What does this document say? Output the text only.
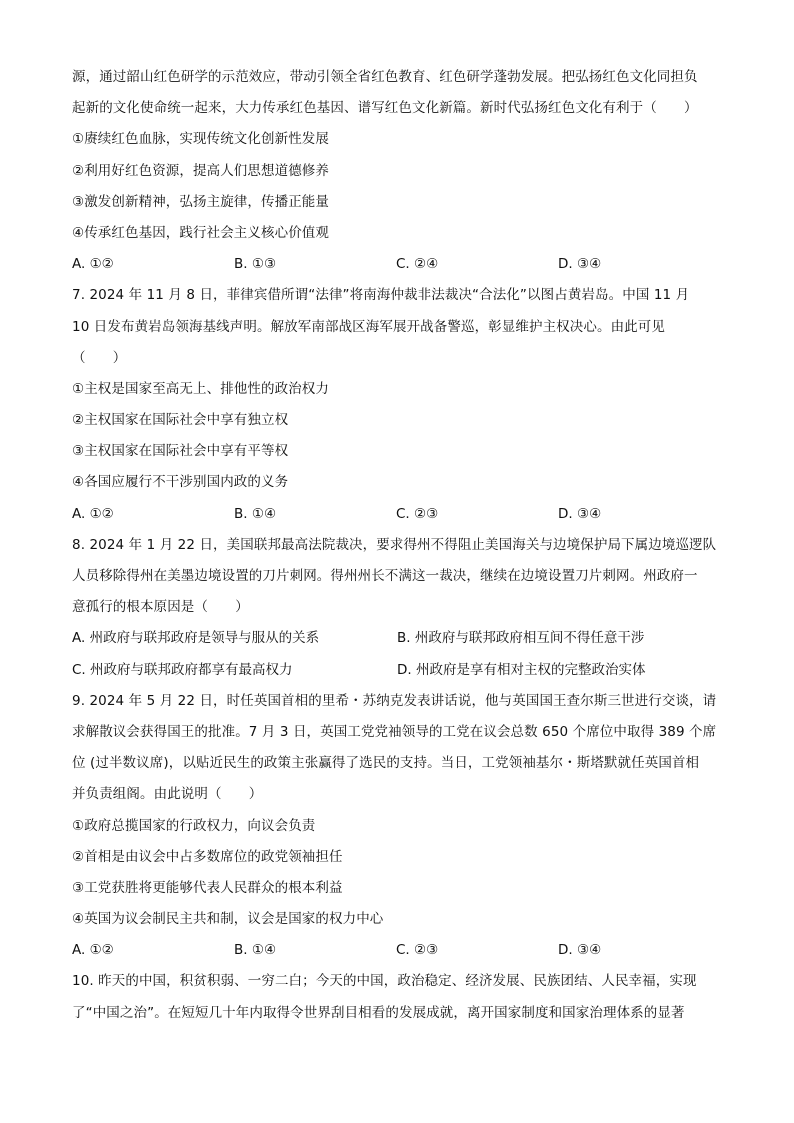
源，通过韶山红色研学的示范效应，带动引领全省红色教育、红色研学蓬勃发展。把弘扬红色文化同担负
起新的文化使命统一起来，大力传承红色基因、谱写红色文化新篇。新时代弘扬红色文化有利于（　　）
①赓续红色血脉，实现传统文化创新性发展
②利用好红色资源，提高人们思想道德修养
③激发创新精神，弘扬主旋律，传播正能量
④传承红色基因，践行社会主义核心价值观
A. ①②	B. ①③	C. ②④	D. ③④
7. 2024 年 11 月 8 日，菲律宾借所谓“法律”将南海仲裁非法裁决“合法化”以图占黄岩岛。中国 11 月
10 日发布黄岩岛领海基线声明。解放军南部战区海军展开战备警巡，彰显维护主权决心。由此可见
（　　）
①主权是国家至高无上、排他性的政治权力
②主权国家在国际社会中享有独立权
③主权国家在国际社会中享有平等权
④各国应履行不干涉别国内政的义务
A. ①②	B. ①④	C. ②③	D. ③④
8. 2024 年 1 月 22 日，美国联邦最高法院裁决，要求得州不得阻止美国海关与边境保护局下属边境巡逻队
人员移除得州在美墨边境设置的刀片刺网。得州州长不满这一裁决，继续在边境设置刀片刺网。州政府一
意孤行的根本原因是（　　）
A. 州政府与联邦政府是领导与服从的关系	B. 州政府与联邦政府相互间不得任意干涉
C. 州政府与联邦政府都享有最高权力	D. 州政府是享有相对主权的完整政治实体
9. 2024 年 5 月 22 日，时任英国首相的里希・苏纳克发表讲话说，他与英国国王查尔斯三世进行交谈，请
求解散议会获得国王的批准。7 月 3 日，英国工党党袖领导的工党在议会总数 650 个席位中取得 389 个席
位 (过半数议席)，以贴近民生的政策主张赢得了选民的支持。当日，工党领袖基尔・斯塔默就任英国首相
并负责组阁。由此说明（　　）
①政府总揽国家的行政权力，向议会负责
②首相是由议会中占多数席位的政党领袖担任
③工党获胜将更能够代表人民群众的根本利益
④英国为议会制民主共和制，议会是国家的权力中心
A. ①②	B. ①④	C. ②③	D. ③④
10. 昨天的中国，积贫积弱、一穷二白；今天的中国，政治稳定、经济发展、民族团结、人民幸福，实现
了“中国之治”。在短短几十年内取得令世界刮目相看的发展成就，离开国家制度和国家治理体系的显著
